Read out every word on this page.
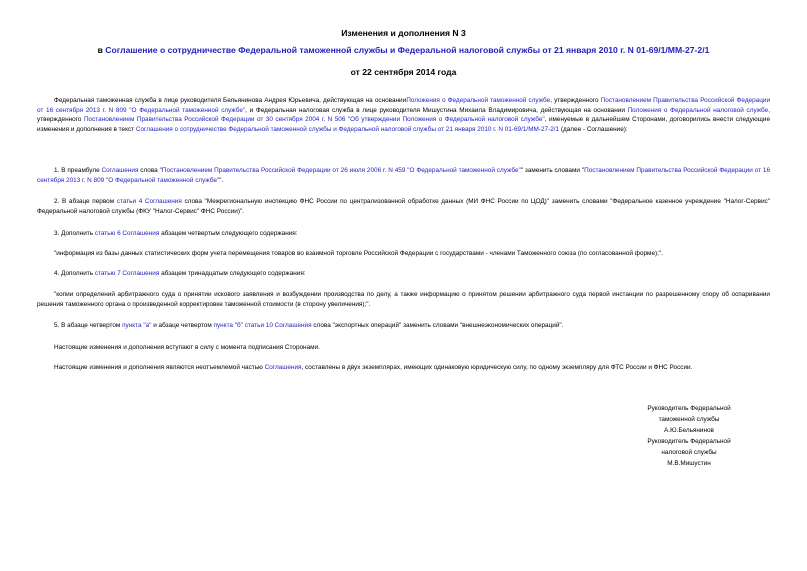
Изменения и дополнения N 3
в Соглашение о сотрудничестве Федеральной таможенной службы и Федеральной налоговой службы от 21 января 2010 г. N 01-69/1/ММ-27-2/1
от 22 сентября 2014 года
Федеральная таможенная служба в лице руководителя Бельянинова Андрея Юрьевича, действующая на основанииПоложения о Федеральной таможенной службе, утвержденного Постановлением Правительства Российской Федерации от 16 сентября 2013 г. N 809 "О Федеральной таможенной службе", и Федеральная налоговая служба в лице руководителя Мишустина Михаила Владимировича, действующая на основании Положения о Федеральной налоговой службе, утвержденного Постановлением Правительства Российской Федерации от 30 сентября 2004 г. N 506 "Об утверждении Положения о Федеральной налоговой службе", именуемые в дальнейшем Сторонами, договорились внести следующие изменения и дополнения в текст Соглашения о сотрудничестве Федеральной таможенной службы и Федеральной налоговой службы от 21 января 2010 г. N 01-69/1/ММ-27-2/1 (далее - Соглашение):
1. В преамбуле Соглашения слова "Постановлением Правительства Российской Федерации от 26 июля 2006 г. N 459 "О Федеральной таможенной службе"" заменить словами "Постановлением Правительства Российской Федерации от 16 сентября 2013 г. N 809 "О Федеральной таможенной службе"".
2. В абзаце первом статьи 4 Соглашения слова "Межрегиональную инспекцию ФНС России по централизованной обработке данных (МИ ФНС России по ЦОД)" заменить словами "Федеральное казенное учреждение "Налог-Сервис" Федеральной налоговой службы (ФКУ "Налог-Сервис" ФНС России)".
3. Дополнить статью 6 Соглашения абзацем четвертым следующего содержания:
"информация из базы данных статистических форм учета перемещения товаров во взаимной торговле Российской Федерации с государствами - членами Таможенного союза (по согласованной форме);".
4. Дополнить статью 7 Соглашения абзацем тринадцатым следующего содержания:
"копии определений арбитражного суда о принятии искового заявления и возбуждении производства по делу, а также информацию о принятом решении арбитражного суда первой инстанции по разрешенному спору об оспаривании решения таможенного органа о произведенной корректировке таможенной стоимости (в сторону увеличения);".
5. В абзаце четвертом пункта "а" и абзаце четвертом пункта "б" статьи 10 Соглашения слова "экспортных операций" заменить словами "внешнеэкономических операций".
Настоящие изменения и дополнения вступают в силу с момента подписания Сторонами.
Настоящие изменения и дополнения являются неотъемлемой частью Соглашения, составлены в двух экземплярах, имеющих одинаковую юридическую силу, по одному экземпляру для ФТС России и ФНС России.
Руководитель Федеральной
таможенной службы
А.Ю.Бельянинов
Руководитель Федеральной
налоговой службы
М.В.Мишустин
